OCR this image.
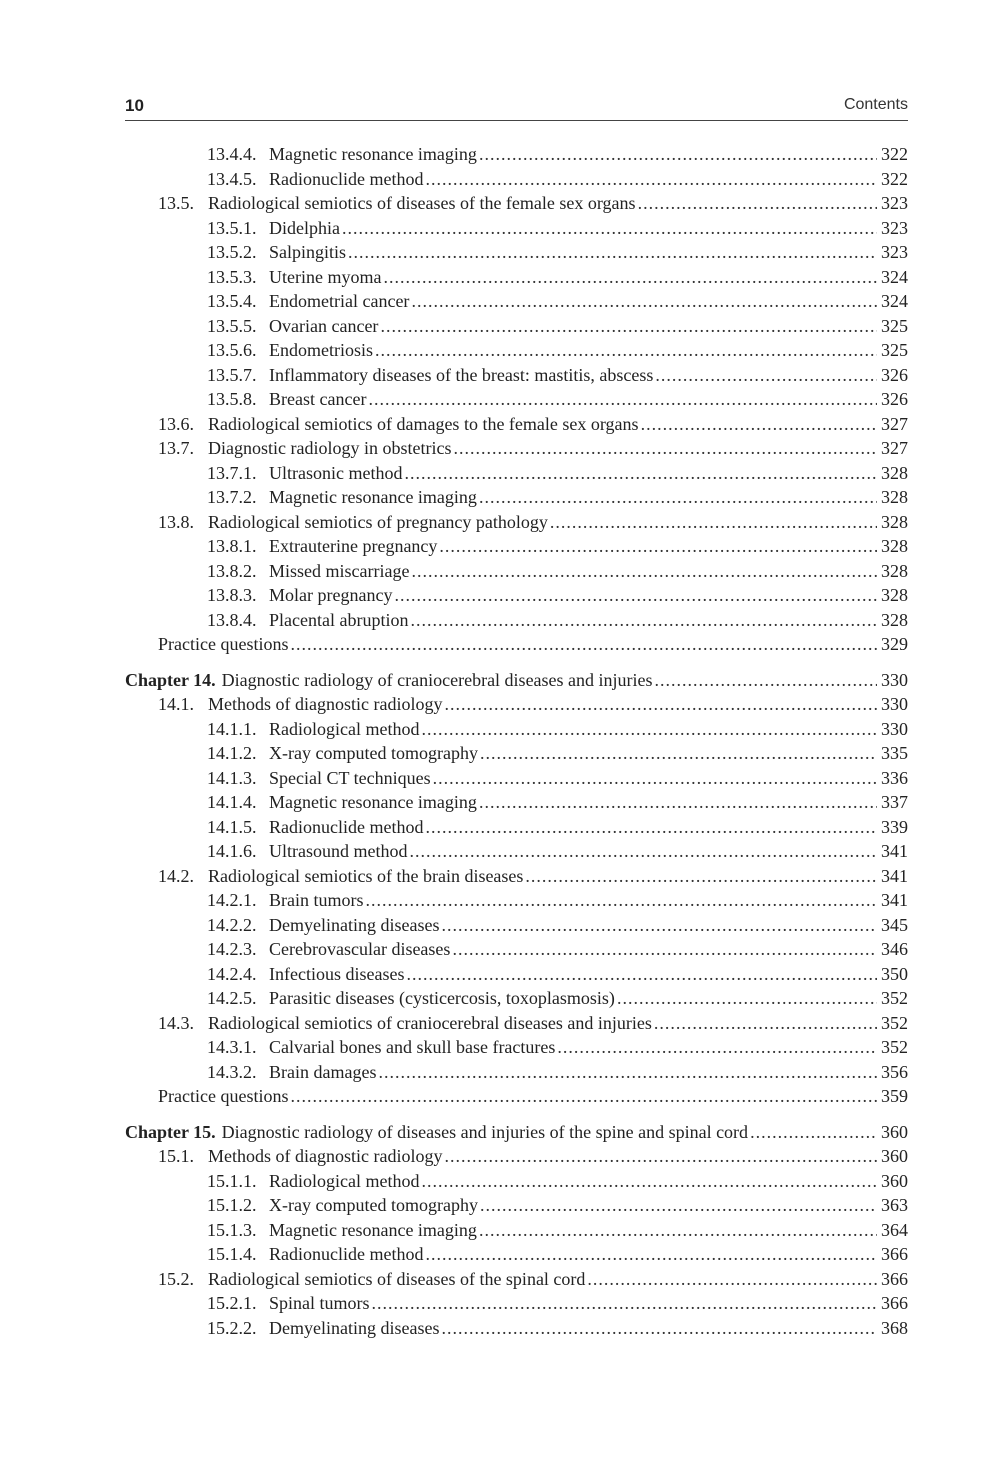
10	Contents
13.4.4. Magnetic resonance imaging .....	322
13.4.5. Radionuclide method .....	322
13.5. Radiological semiotics of diseases of the female sex organs .....	323
13.5.1. Didelphia .....	323
13.5.2. Salpingitis .....	323
13.5.3. Uterine myoma .....	324
13.5.4. Endometrial cancer .....	324
13.5.5. Ovarian cancer .....	325
13.5.6. Endometriosis .....	325
13.5.7. Inflammatory diseases of the breast: mastitis, abscess .....	326
13.5.8. Breast cancer .....	326
13.6. Radiological semiotics of damages to the female sex organs .....	327
13.7. Diagnostic radiology in obstetrics .....	327
13.7.1. Ultrasonic method .....	328
13.7.2. Magnetic resonance imaging .....	328
13.8. Radiological semiotics of pregnancy pathology .....	328
13.8.1. Extrauterine pregnancy .....	328
13.8.2. Missed miscarriage .....	328
13.8.3. Molar pregnancy .....	328
13.8.4. Placental abruption .....	328
Practice questions .....	329
Chapter 14. Diagnostic radiology of craniocerebral diseases and injuries .....	330
14.1. Methods of diagnostic radiology .....	330
14.1.1. Radiological method .....	330
14.1.2. X-ray computed tomography .....	335
14.1.3. Special CT techniques .....	336
14.1.4. Magnetic resonance imaging .....	337
14.1.5. Radionuclide method .....	339
14.1.6. Ultrasound method .....	341
14.2. Radiological semiotics of the brain diseases .....	341
14.2.1. Brain tumors .....	341
14.2.2. Demyelinating diseases .....	345
14.2.3. Cerebrovascular diseases .....	346
14.2.4. Infectious diseases .....	350
14.2.5. Parasitic diseases (cysticercosis, toxoplasmosis) .....	352
14.3. Radiological semiotics of craniocerebral diseases and injuries .....	352
14.3.1. Calvarial bones and skull base fractures .....	352
14.3.2. Brain damages .....	356
Practice questions .....	359
Chapter 15. Diagnostic radiology of diseases and injuries of the spine and spinal cord .....	360
15.1. Methods of diagnostic radiology .....	360
15.1.1. Radiological method .....	360
15.1.2. X-ray computed tomography .....	363
15.1.3. Magnetic resonance imaging .....	364
15.1.4. Radionuclide method .....	366
15.2. Radiological semiotics of diseases of the spinal cord .....	366
15.2.1. Spinal tumors .....	366
15.2.2. Demyelinating diseases .....	368
